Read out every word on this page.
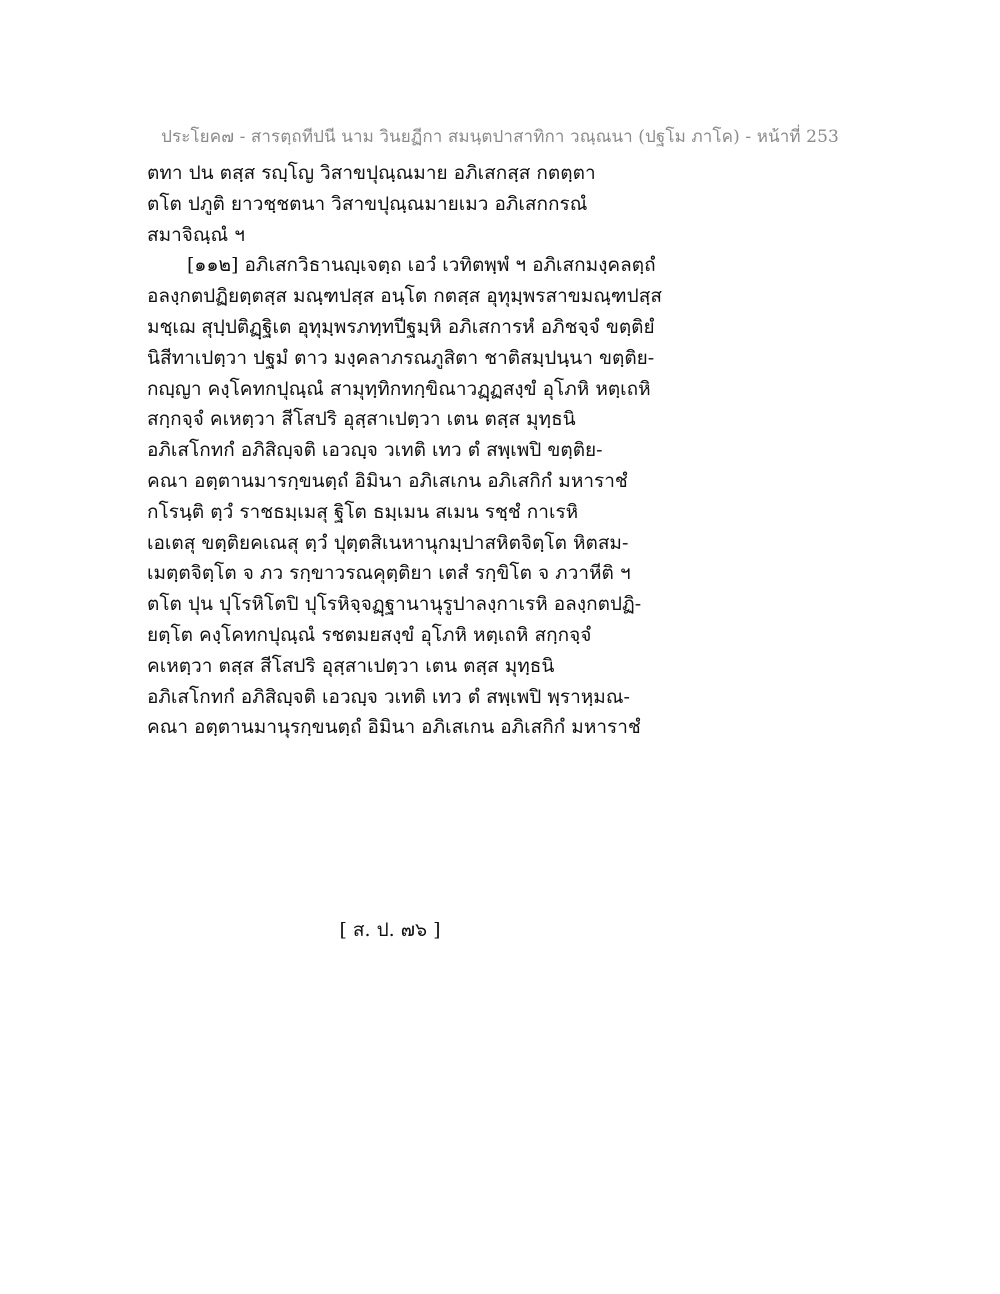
ประโยค๗ - สารตฺถทีปนี นาม วินยฏีกา สมนฺตปาสาทิกา วณฺณนา (ปฐโม ภาโค) - หน้าที่ 253
ตทา ปน ตสฺส รญฺโญ วิสาขปุณฺณมาย อภิเสกสฺส กตตฺตา
ตโต ปภูติ ยาวชฺชตนา วิสาขปุณฺณมายเมว อภิเสกกรณํ
สมาจิณฺณํ ฯ
[๑๑๒] อภิเสกวิธานญฺเจตฺถ เอวํ เวทิตพฺพํ ฯ อภิเสกมงฺคลตฺถํ
อลงฺกตปฏิยตฺตสฺส มณฺฑปสฺส อนฺโต กตสฺส อุทุมฺพรสาขมณฺฑปสฺส
มชฺเฌ สุปฺปติฏฺฐิเต อุทุมฺพรภทฺทปีฐมฺหิ อภิเสการหํ อภิชจฺจํ ขตฺติยํ
นิสีทาเปตฺวา ปฐมํ ตาว มงฺคลาภรณภูสิตา ชาติสมฺปนฺนา ขตฺติย-
กญฺญา คงฺโคทกปุณฺณํ สามุทฺทิกทกฺขิณาวฏฺฏสงฺขํ อุโภหิ หตฺเถหิ
สกฺกจฺจํ คเหตฺวา สีโสปริ อุสฺสาเปตฺวา เตน ตสฺส มุทฺธนิ
อภิเสโกทกํ อภิสิญฺจติ เอวญฺจ วเทติ เทว ตํ สพฺเพปิ ขตฺติย-
คณา อตฺตานมารกฺขนตฺถํ อิมินา อภิเสเกน อภิเสกิกํ มหาราชํ
กโรนฺติ ตฺวํ ราชธมฺเมสุ ฐิโต ธมฺเมน สเมน รชฺชํ กาเรหิ
เอเตสุ ขตฺติยคเณสุ ตฺวํ ปุตฺตสิเนหานุกมฺปาสหิตจิตฺโต หิตสม-
เมตฺตจิตฺโต จ ภว รกฺขาวรณคุตฺติยา เตสํ รกฺขิโต จ ภวาหีติ ฯ
ตโต ปุน ปุโรหิโตปิ ปุโรหิจฺจฏฺฐานานุรูปาลงฺกาเรหิ อลงฺกตปฏิ-
ยตฺโต คงฺโคทกปุณฺณํ รชตมยสงฺขํ อุโภหิ หตฺเถหิ สกฺกจฺจํ
คเหตฺวา ตสฺส สีโสปริ อุสฺสาเปตฺวา เตน ตสฺส มุทฺธนิ
อภิเสโกทกํ อภิสิญฺจติ เอวญฺจ วเทติ เทว ตํ สพฺเพปิ พฺราหฺมณ-
คณา อตฺตานมานุรกฺขนตฺถํ อิมินา อภิเสเกน อภิเสกิกํ มหาราชํ
[ ส. ป. ๗๖ ]
